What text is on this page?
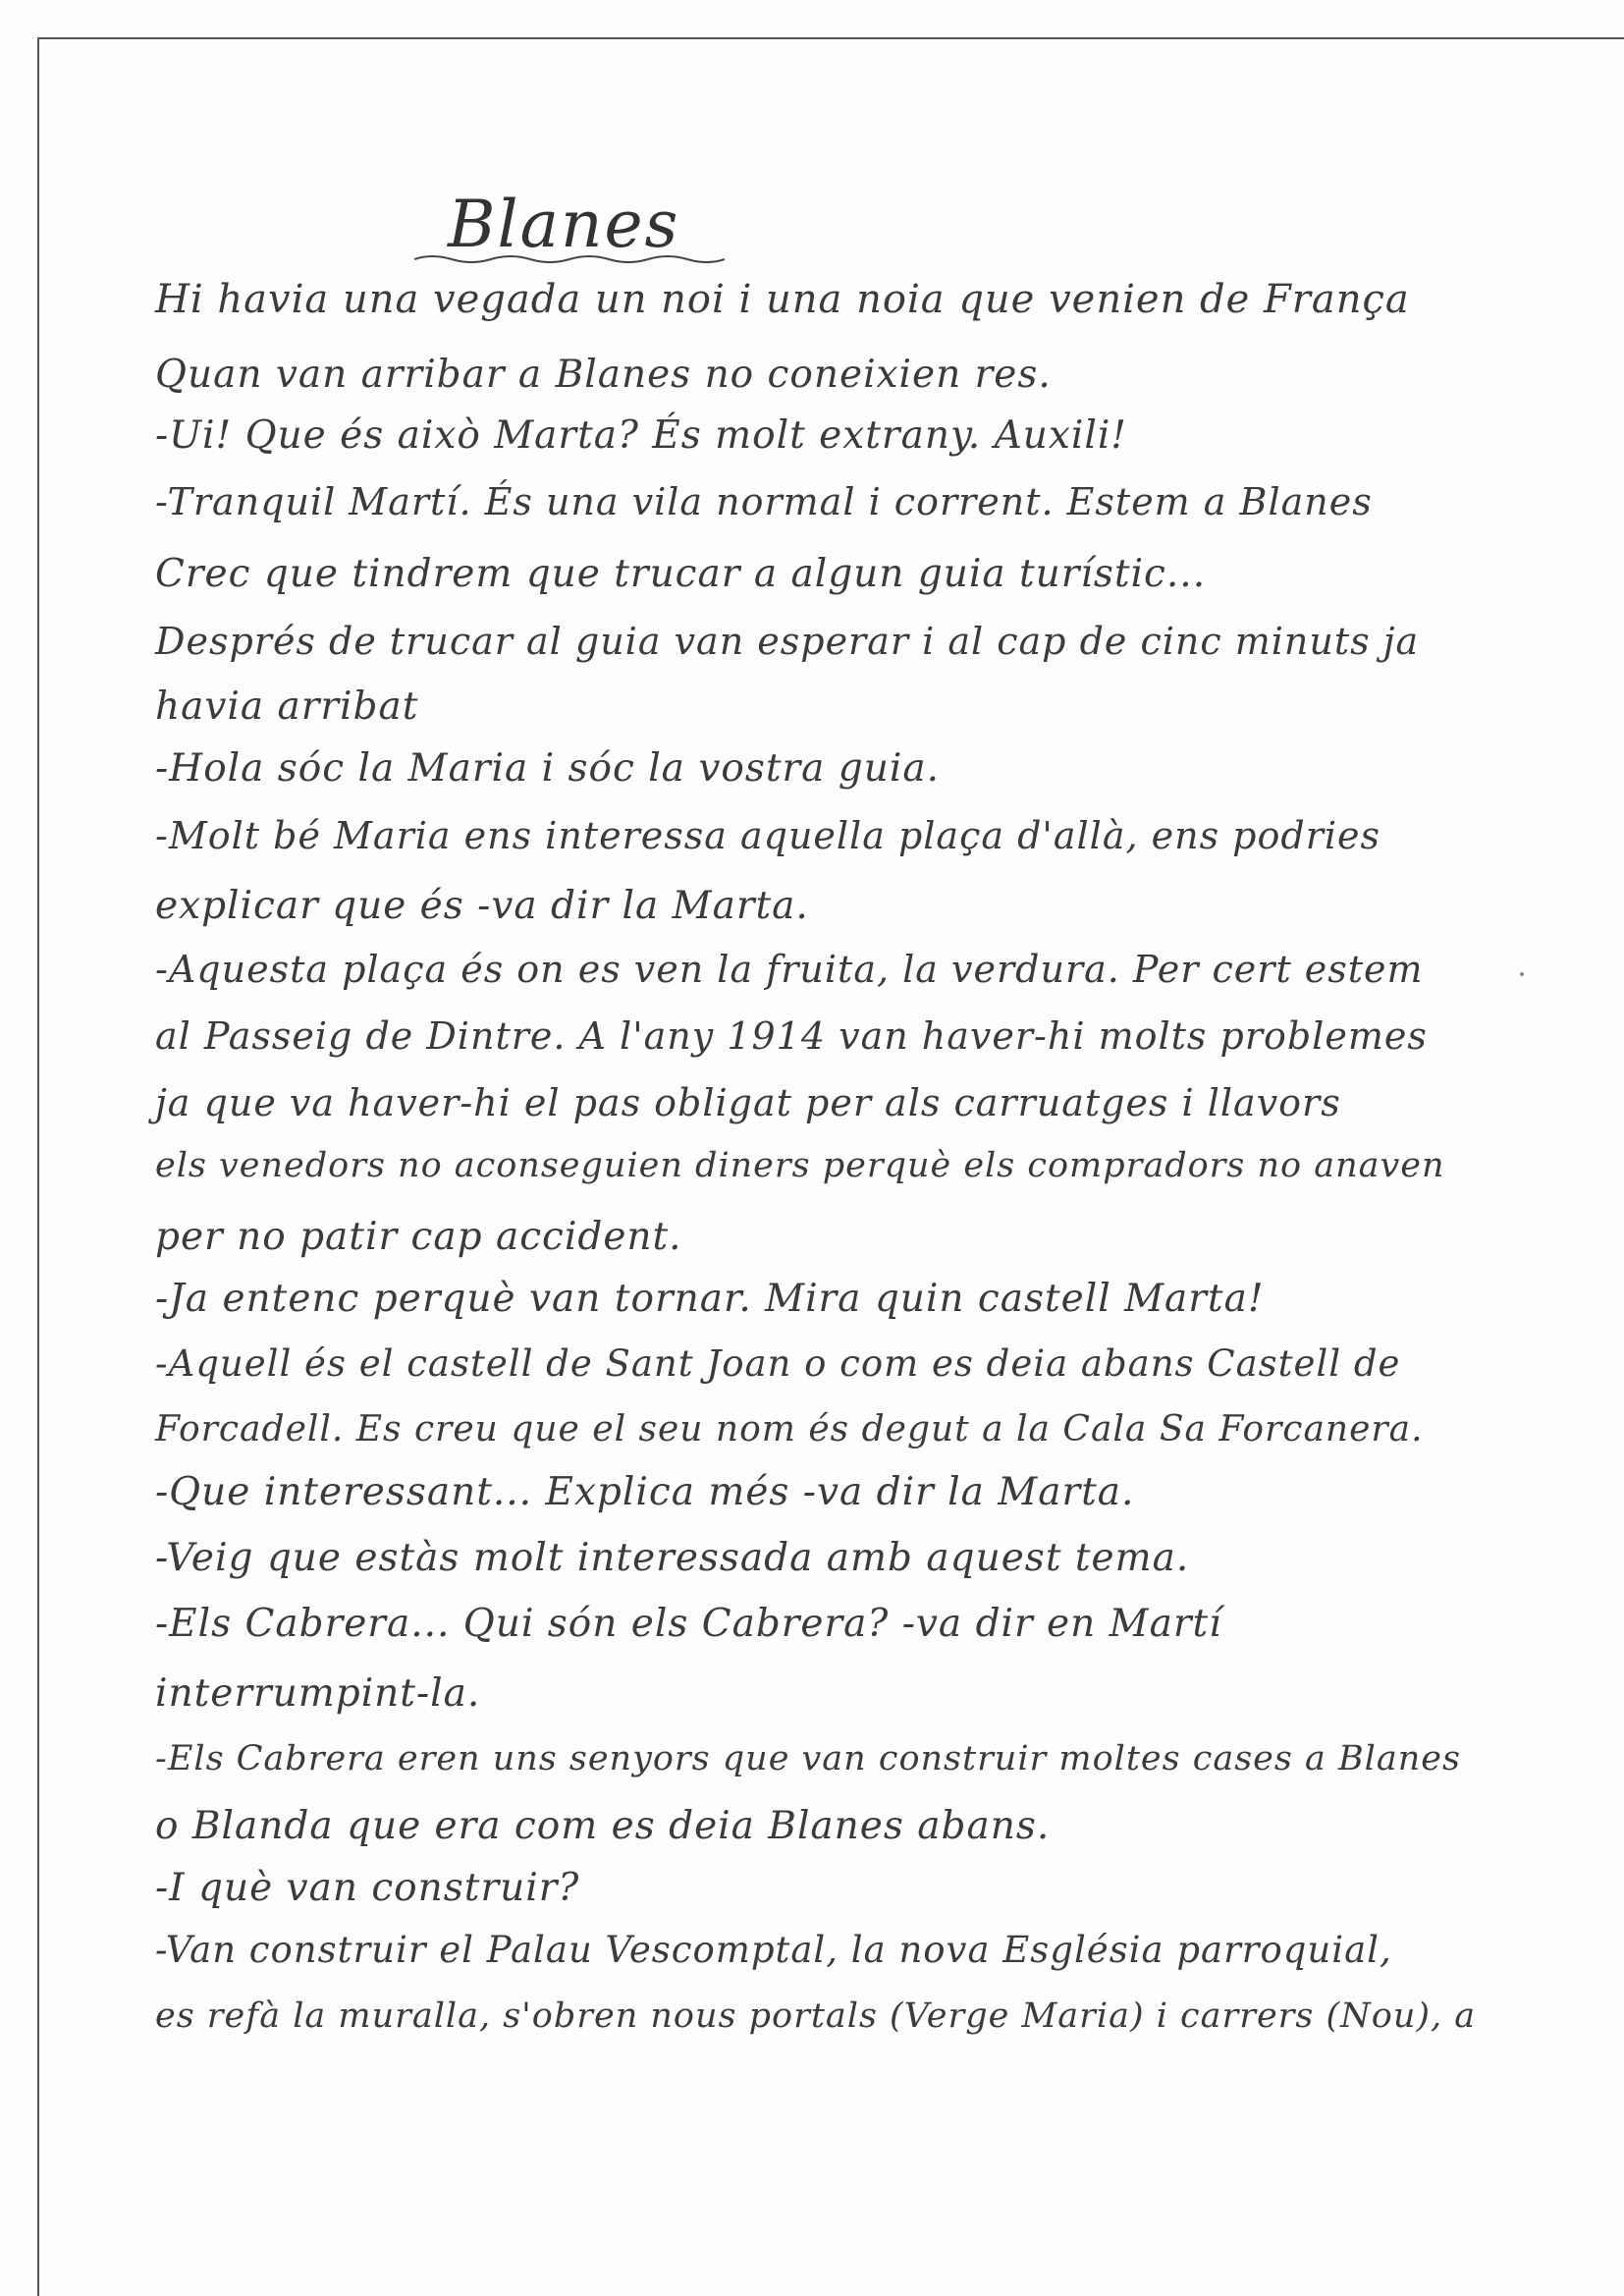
Blanes
Hi havia una vegada un noi i una noia que venien de França
Quan van arribar a Blanes no coneixien res.
-Ui! Que és això Marta? És molt extrany. Auxili!
-Tranquil Martí. És una vila normal i corrent. Estem a Blanes
Crec que tindrem que trucar a algun guia turístic...
Després de trucar al guia van esperar i al cap de cinc minuts ja
havia arribat
-Hola sóc la Maria i sóc la vostra guia.
-Molt bé Maria ens interessa aquella plaça d'allà, ens podries
explicar que és -va dir la Marta.
-Aquesta plaça és on es ven la fruita, la verdura. Per cert estem
al Passeig de Dintre. A l'any 1914 van haver-hi molts problemes
ja que va haver-hi el pas obligat per als carruatges i llavors
els venedors no aconseguien diners perquè els compradors no anaven
per no patir cap accident.
-Ja entenc perquè van tornar. Mira quin castell Marta!
-Aquell és el castell de Sant Joan o com es deia abans Castell de
Forcadell. Es creu que el seu nom és degut a la Cala Sa Forcanera.
-Que interessant... Explica més -va dir la Marta.
-Veig que estàs molt interessada amb aquest tema.
-Els Cabrera... Qui són els Cabrera? -va dir en Martí
interrumpint-la.
-Els Cabrera eren uns senyors que van construir moltes cases a Blanes
o Blanda que era com es deia Blanes abans.
-I què van construir?
-Van construir el Palau Vescomptal, la nova Església parroquial,
es refà la muralla, s'obren nous portals (Verge Maria) i carrers (Nou), a
